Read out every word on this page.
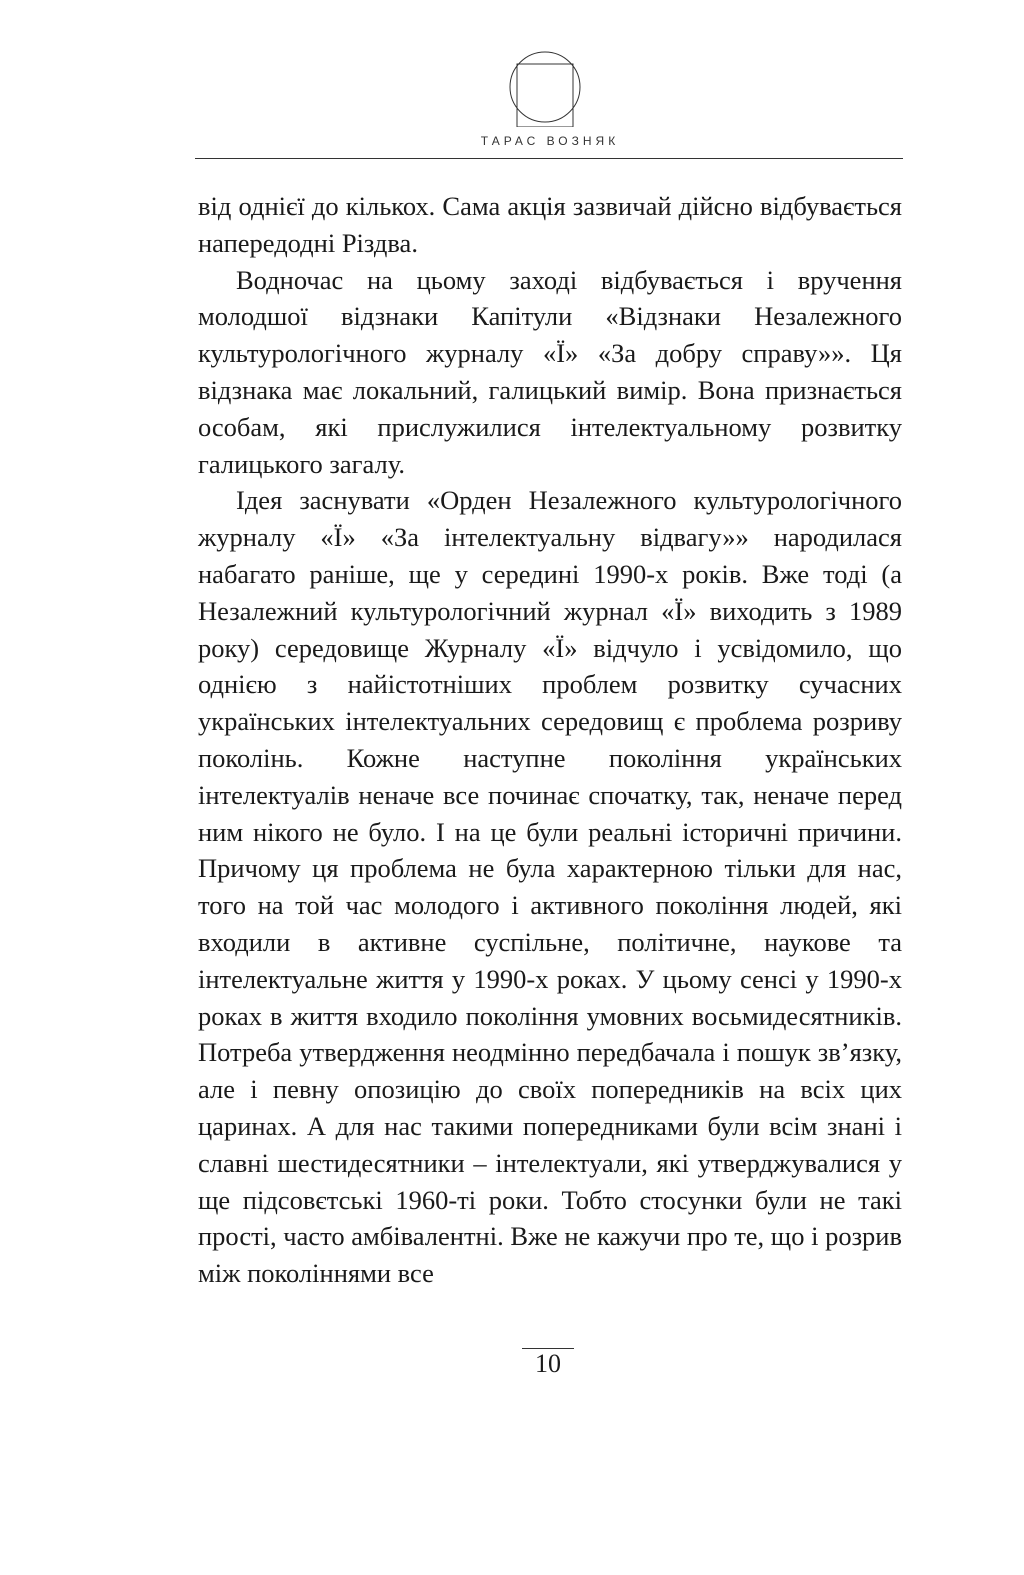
ТАРАС ВОЗНЯК

від однієї до кількох. Сама акція зазвичай дійсно відбувається напередодні Різдва.

Водночас на цьому заході відбувається і вручення молодшої відзнаки Капітули «Відзнаки Незалежного культурологічного журналу «Ї» «За добру справу»». Ця відзнака має локальний, галицький вимір. Вона признається особам, які прислужилися інтелектуальному розвитку галицького загалу.

Ідея заснувати «Орден Незалежного культурологічного журналу «Ї» «За інтелектуальну відвагу»» народилася набагато раніше, ще у середині 1990-х років. Вже тоді (а Незалежний культурологічний журнал «Ї» виходить з 1989 року) середовище Журналу «Ї» відчуло і усвідомило, що однією з найістотніших проблем розвитку сучасних українських інтелектуальних середовищ є проблема розриву поколінь. Кожне наступне покоління українських інтелектуалів неначе все починає спочатку, так, неначе перед ним нікого не було. І на це були реальні історичні причини. Причому ця проблема не була характерною тільки для нас, того на той час молодого і активного покоління людей, які входили в активне суспільне, політичне, наукове та інтелектуальне життя у 1990-х роках. У цьому сенсі у 1990-х роках в життя входило покоління умовних восьмидесятників. Потреба утвердження неодмінно передбачала і пошук зв’язку, але і певну опозицію до своїх попередників на всіх цих царинах. А для нас такими попередниками були всім знані і славні шестидесятники – інтелектуали, які утверджувалися у ще підсовєтські 1960-ті роки. Тобто стосунки були не такі прості, часто амбівалентні. Вже не кажучи про те, що і розрив між поколіннями все

10
